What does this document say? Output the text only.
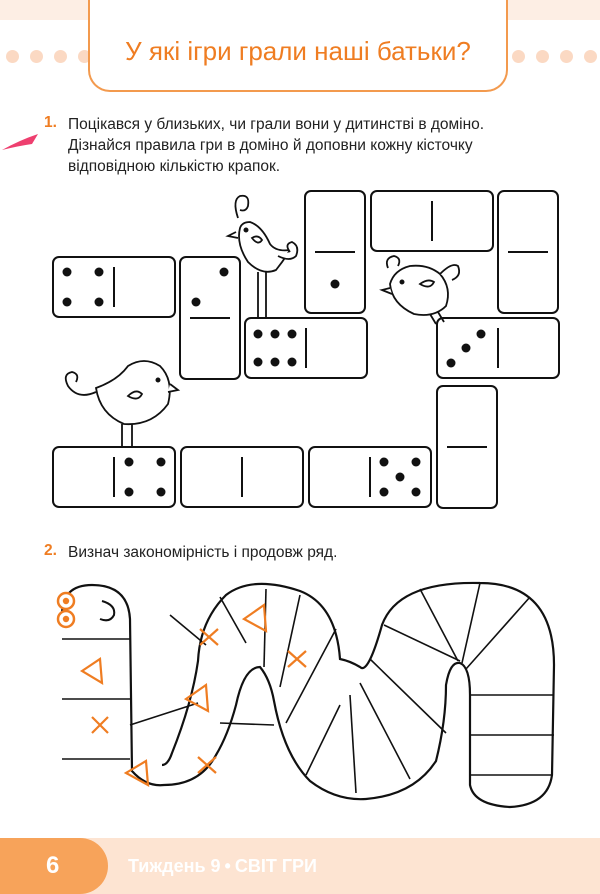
У які ігри грали наші батьки?
1. Поцікався у близьких, чи грали вони у дитинстві в доміно.
Дізнайся правила гри в доміно й доповни кожну кісточку
відповідною кількістю крапок.
2. Визнач закономірність і продовж ряд.
6	Тиждень 9 • СВІТ ГРИ
